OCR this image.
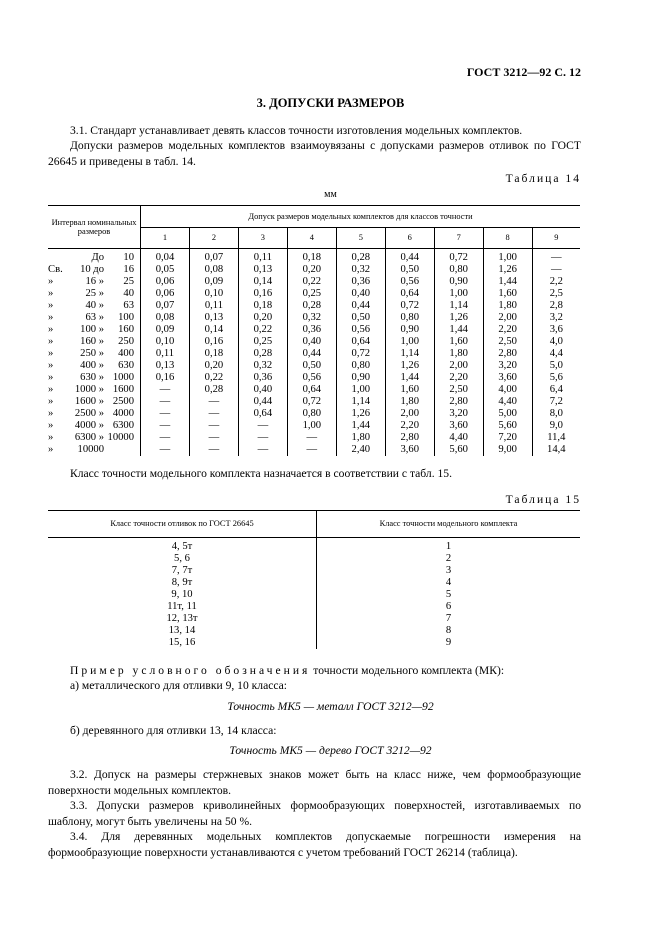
ГОСТ 3212—92 С. 12
3. ДОПУСКИ РАЗМЕРОВ
3.1. Стандарт устанавливает девять классов точности изготовления модельных комплектов.
Допуски размеров модельных комплектов взаимоувязаны с допусками размеров отливок по ГОСТ 26645 и приведены в табл. 14.
Таблица 14
мм
Интервал номинальных размеров	Допуск размеров модельных комплектов для классов точности								
	1	2	3	4	5	6	7	8	9

До 10	0,04	0,07	0,11	0,18	0,28	0,44	0,72	1,00	—

Св. 10 до 16	0,05	0,08	0,13	0,20	0,32	0,50	0,80	1,26	—

» 16 » 25	0,06	0,09	0,14	0,22	0,36	0,56	0,90	1,44	2,2

» 25 » 40	0,06	0,10	0,16	0,25	0,40	0,64	1,00	1,60	2,5

» 40 » 63	0,07	0,11	0,18	0,28	0,44	0,72	1,14	1,80	2,8

» 63 » 100	0,08	0,13	0,20	0,32	0,50	0,80	1,26	2,00	3,2

» 100 » 160	0,09	0,14	0,22	0,36	0,56	0,90	1,44	2,20	3,6

» 160 » 250	0,10	0,16	0,25	0,40	0,64	1,00	1,60	2,50	4,0

» 250 » 400	0,11	0,18	0,28	0,44	0,72	1,14	1,80	2,80	4,4

» 400 » 630	0,13	0,20	0,32	0,50	0,80	1,26	2,00	3,20	5,0

» 630 » 1000	0,16	0,22	0,36	0,56	0,90	1,44	2,20	3,60	5,6

» 1000 » 1600	—	0,28	0,40	0,64	1,00	1,60	2,50	4,00	6,4

» 1600 » 2500	—	—	0,44	0,72	1,14	1,80	2,80	4,40	7,2

» 2500 » 4000	—	—	0,64	0,80	1,26	2,00	3,20	5,00	8,0

» 4000 » 6300	—	—	—	1,00	1,44	2,20	3,60	5,60	9,0

» 6300 » 10000	—	—	—	—	1,80	2,80	4,40	7,20	11,4

» 10000	—	—	—	—	2,40	3,60	5,60	9,00	14,4
Класс точности модельного комплекта назначается в соответствии с табл. 15.
Таблица 15
Класс точности отливок по ГОСТ 26645	Класс точности модельного комплекта
4, 5т	1
5, 6	2
7, 7т	3
8, 9т	4
9, 10	5
11т, 11	6
12, 13т	7
13, 14	8
15, 16	9
Пример условного обозначения точности модельного комплекта (МК):
а) металлического для отливки 9, 10 класса:
Точность МК5 — металл ГОСТ 3212—92
б) деревянного для отливки 13, 14 класса:
Точность МК5 — дерево ГОСТ 3212—92
3.2. Допуск на размеры стержневых знаков может быть на класс ниже, чем формообразующие поверхности модельных комплектов.
3.3. Допуски размеров криволинейных формообразующих поверхностей, изготавливаемых по шаблону, могут быть увеличены на 50 %.
3.4. Для деревянных модельных комплектов допускаемые погрешности измерения на формообразующие поверхности устанавливаются с учетом требований ГОСТ 26214 (таблица).
